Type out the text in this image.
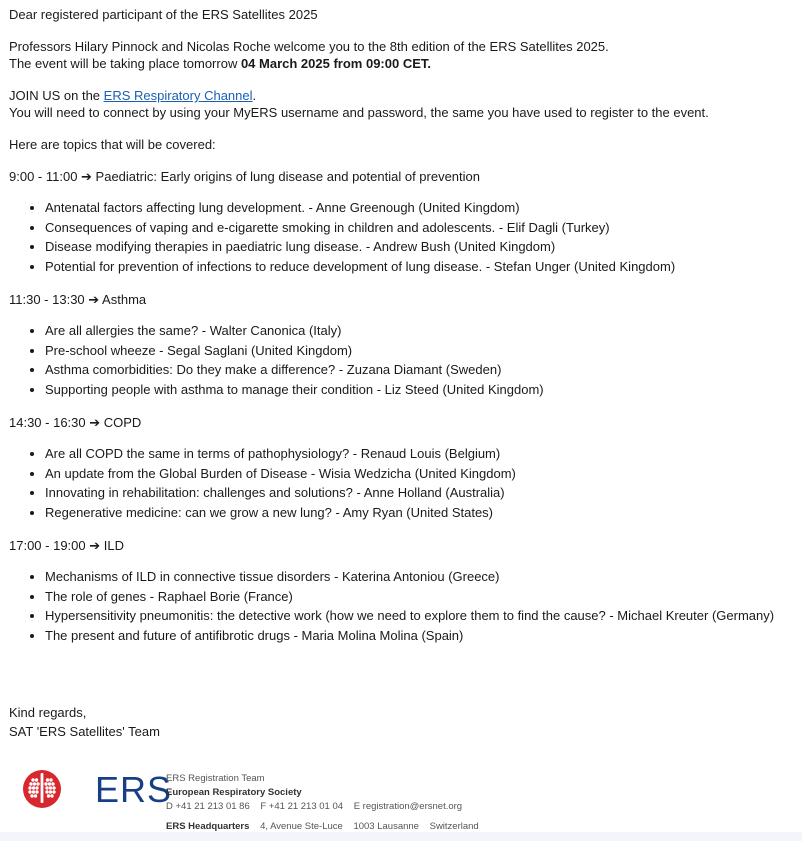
Dear registered participant of the ERS Satellites 2025

Professors Hilary Pinnock and Nicolas Roche welcome you to the 8th edition of the ERS Satellites 2025.

The event will be taking place tomorrow 04 March 2025 from 09:00 CET.

JOIN US on the ERS Respiratory Channel.

You will need to connect by using your MyERS username and password, the same you have used to register to the event.

Here are topics that will be covered:

9:00 - 11:00 ➔ Paediatric: Early origins of lung disease and potential of prevention

• Antenatal factors affecting lung development. - Anne Greenough (United Kingdom)
• Consequences of vaping and e-cigarette smoking in children and adolescents. - Elif Dagli (Turkey)
• Disease modifying therapies in paediatric lung disease. - Andrew Bush (United Kingdom)
• Potential for prevention of infections to reduce development of lung disease. - Stefan Unger (United Kingdom)

11:30 - 13:30 ➔ Asthma

• Are all allergies the same? - Walter Canonica (Italy)
• Pre-school wheeze - Segal Saglani (United Kingdom)
• Asthma comorbidities: Do they make a difference? - Zuzana Diamant (Sweden)
• Supporting people with asthma to manage their condition - Liz Steed (United Kingdom)

14:30 - 16:30 ➔ COPD

• Are all COPD the same in terms of pathophysiology? - Renaud Louis (Belgium)
• An update from the Global Burden of Disease - Wisia Wedzicha (United Kingdom)
• Innovating in rehabilitation: challenges and solutions? - Anne Holland (Australia)
• Regenerative medicine: can we grow a new lung? - Amy Ryan (United States)

17:00 - 19:00 ➔ ILD

• Mechanisms of ILD in connective tissue disorders - Katerina Antoniou (Greece)
• The role of genes - Raphael Borie (France)
• Hypersensitivity pneumonitis: the detective work (how we need to explore them to find the cause? - Michael Kreuter (Germany)
• The present and future of antifibrotic drugs - Maria Molina Molina (Spain)

Kind regards,

SAT 'ERS Satellites' Team

ERS
ERS Registration Team
European Respiratory Society
D +41 21 213 01 86 F +41 21 213 01 04 E registration@ersnet.org
ERS Headquarters 4, Avenue Ste-Luce 1003 Lausanne Switzerland
